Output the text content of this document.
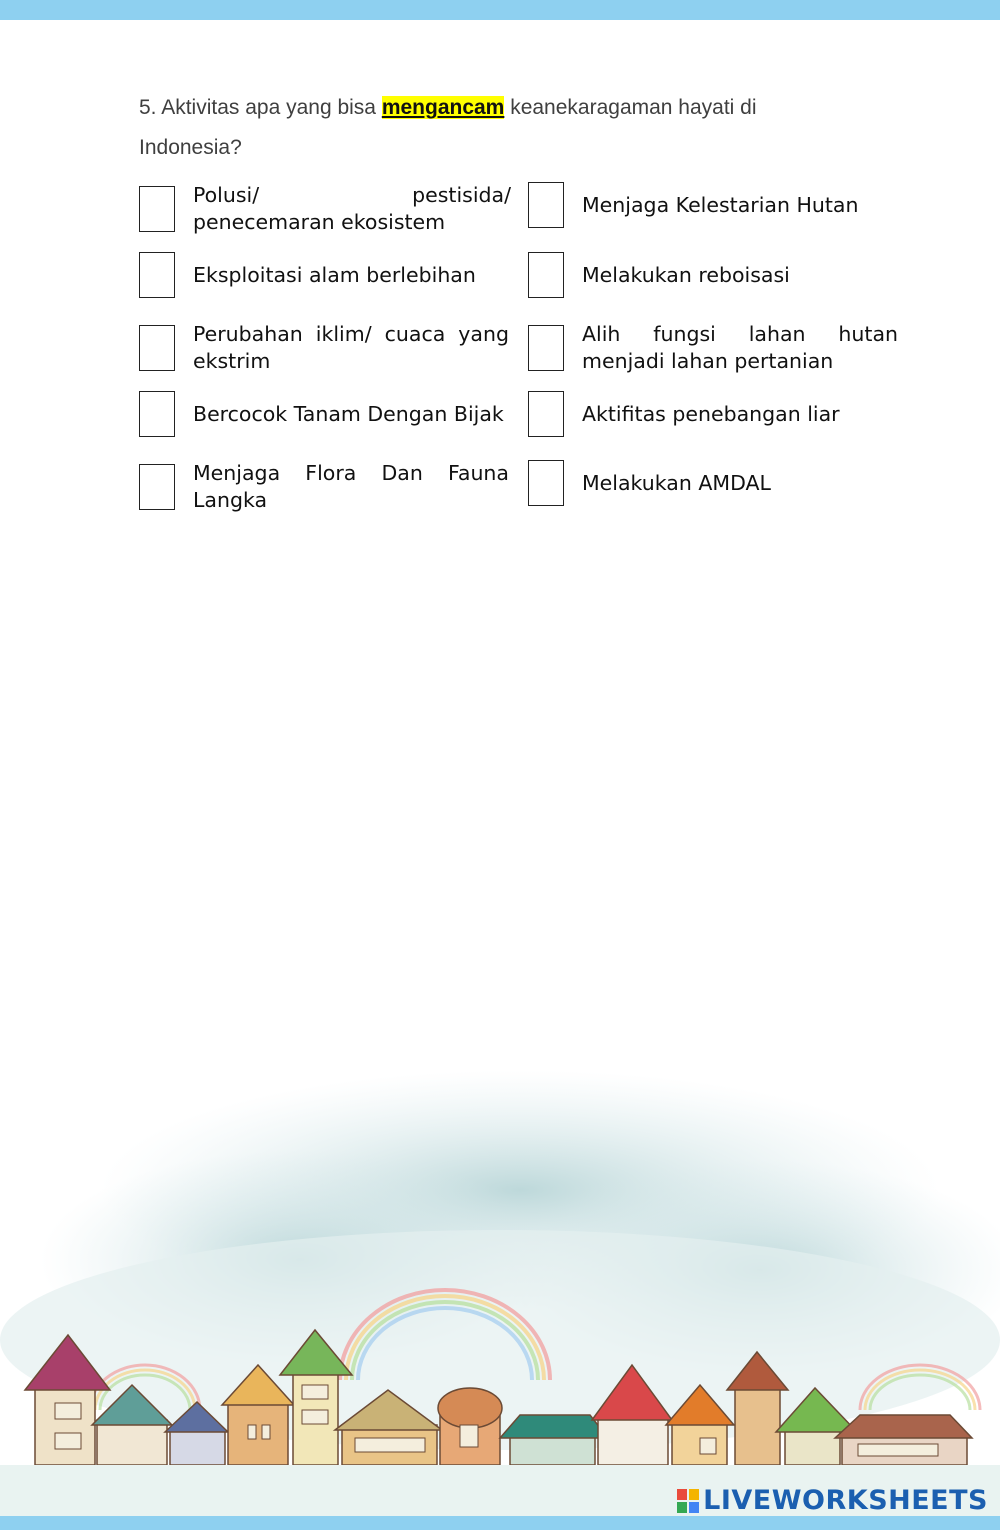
5. Aktivitas apa yang bisa mengancam keanekaragaman hayati di Indonesia?
Polusi/ pestisida/ penecemaran ekosistem
Eksploitasi alam berlebihan
Perubahan iklim/ cuaca yang ekstrim
Bercocok Tanam Dengan Bijak
Menjaga Flora Dan Fauna Langka
Menjaga Kelestarian Hutan
Melakukan reboisasi
Alih fungsi lahan hutan menjadi lahan pertanian
Aktifitas penebangan liar
Melakukan AMDAL
LIVEWORKSHEETS
